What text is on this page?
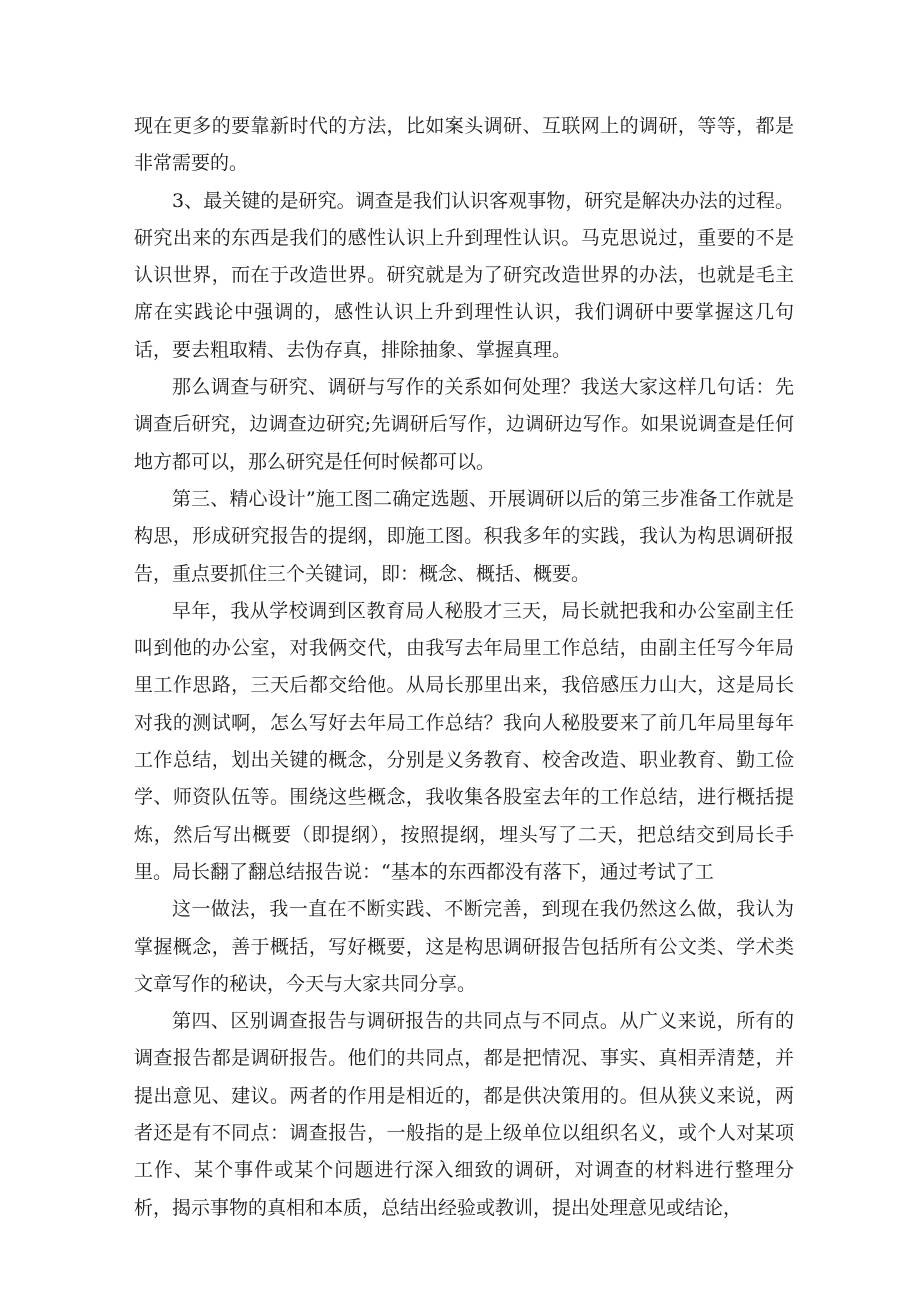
现在更多的要靠新时代的方法，比如案头调研、互联网上的调研，等等，都是非常需要的。

3、最关键的是研究。调查是我们认识客观事物，研究是解决办法的过程。研究出来的东西是我们的感性认识上升到理性认识。马克思说过，重要的不是认识世界，而在于改造世界。研究就是为了研究改造世界的办法，也就是毛主席在实践论中强调的，感性认识上升到理性认识，我们调研中要掌握这几句话，要去粗取精、去伪存真，排除抽象、掌握真理。

那么调查与研究、调研与写作的关系如何处理？我送大家这样几句话：先调查后研究，边调查边研究;先调研后写作，边调研边写作。如果说调查是任何地方都可以，那么研究是任何时候都可以。

第三、精心设计”施工图二确定选题、开展调研以后的第三步准备工作就是构思，形成研究报告的提纲，即施工图。积我多年的实践，我认为构思调研报告，重点要抓住三个关键词，即：概念、概括、概要。

早年，我从学校调到区教育局人秘股才三天，局长就把我和办公室副主任叫到他的办公室，对我俩交代，由我写去年局里工作总结，由副主任写今年局里工作思路，三天后都交给他。从局长那里出来，我倍感压力山大，这是局长对我的测试啊，怎么写好去年局工作总结？我向人秘股要来了前几年局里每年工作总结，划出关键的概念，分别是义务教育、校舍改造、职业教育、勤工俭学、师资队伍等。围绕这些概念，我收集各股室去年的工作总结，进行概括提炼，然后写出概要（即提纲），按照提纲，埋头写了二天，把总结交到局长手里。局长翻了翻总结报告说：“基本的东西都没有落下，通过考试了工

这一做法，我一直在不断实践、不断完善，到现在我仍然这么做，我认为掌握概念，善于概括，写好概要，这是构思调研报告包括所有公文类、学术类文章写作的秘诀，今天与大家共同分享。

第四、区别调查报告与调研报告的共同点与不同点。从广义来说，所有的调查报告都是调研报告。他们的共同点，都是把情况、事实、真相弄清楚，并提出意见、建议。两者的作用是相近的，都是供决策用的。但从狭义来说，两者还是有不同点：调查报告，一般指的是上级单位以组织名义，或个人对某项工作、某个事件或某个问题进行深入细致的调研，对调查的材料进行整理分析，揭示事物的真相和本质，总结出经验或教训，提出处理意见或结论，
